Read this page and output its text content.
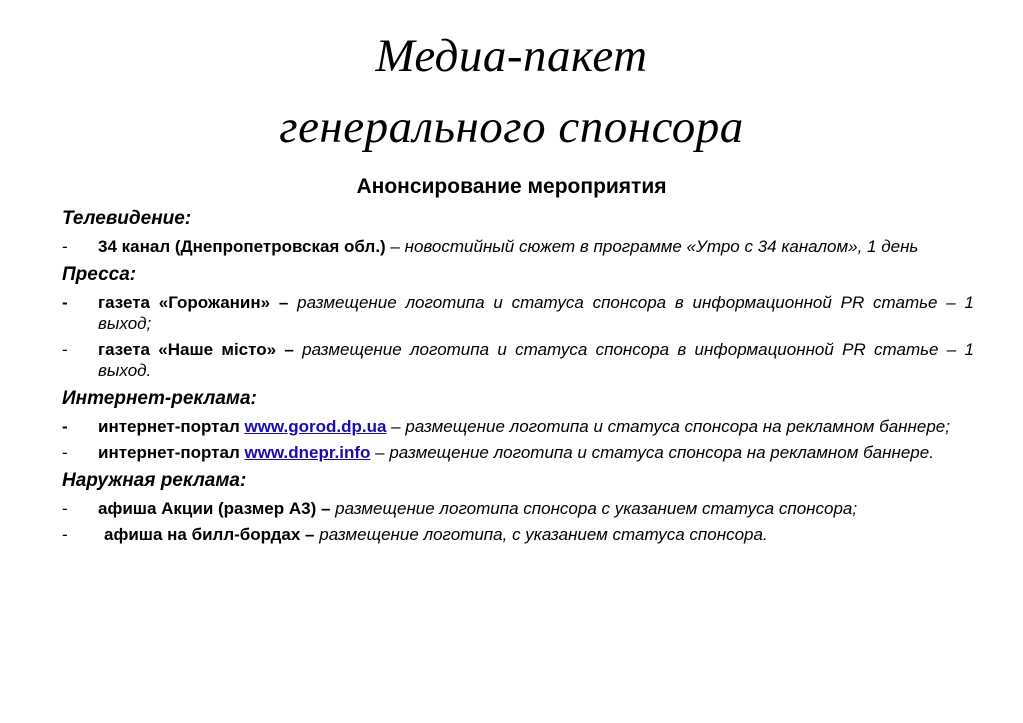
Медиа-пакет
генерального спонсора
Анонсирование мероприятия
Телевидение:
- 34 канал (Днепропетровская обл.) – новостийный сюжет в программе «Утро с 34 каналом», 1 день
Пресса:
- газета «Горожанин» – размещение логотипа и статуса спонсора в информационной PR статье – 1 выход;
- газета «Наше місто» – размещение логотипа и статуса спонсора в информационной PR статье – 1 выход.
Интернет-реклама:
- интернет-портал www.gorod.dp.ua – размещение логотипа и статуса спонсора на рекламном баннере;
- интернет-портал www.dnepr.info – размещение логотипа и статуса спонсора на рекламном баннере.
Наружная реклама:
- афиша Акции (размер А3) – размещение логотипа спонсора с указанием статуса спонсора;
- афиша на билл-бордах – размещение логотипа, с указанием статуса спонсора.
